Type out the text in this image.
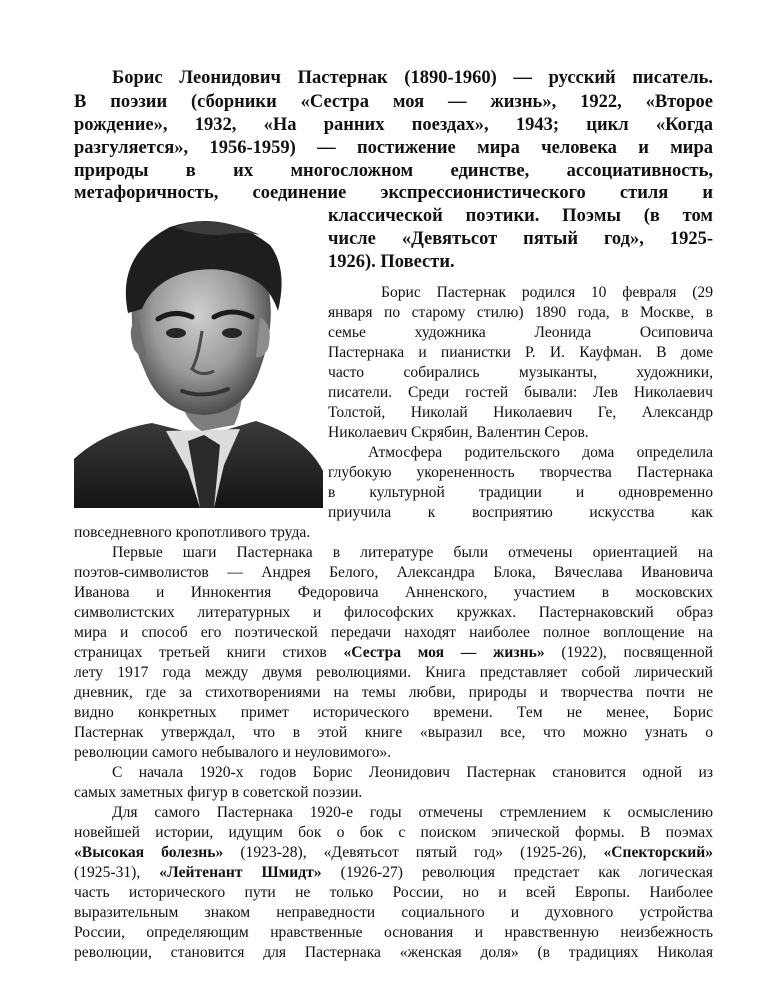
Борис Леонидович Пастернак (1890-1960) — русский писатель.
В поэзии (сборники «Сестра моя — жизнь», 1922, «Второе
рождение», 1932, «На ранних поездах», 1943; цикл «Когда
разгуляется», 1956-1959) — постижение мира человека и мира
природы в их многосложном единстве, ассоциативность,
метафоричность, соединение экспрессионистического стиля и
классической поэтики. Поэмы (в том
числе «Девятьсот пятый год», 1925-
1926). Повести.
Борис Пастернак родился 10 февраля (29
января по старому стилю) 1890 года, в Москве, в
семье художника Леонида Осиповича
Пастернака и пианистки Р. И. Кауфман. В доме
часто собирались музыканты, художники,
писатели. Среди гостей бывали: Лев Николаевич
Толстой, Николай Николаевич Ге, Александр
Николаевич Скрябин, Валентин Серов.
Атмосфера родительского дома определила
глубокую укорененность творчества Пастернака
в культурной традиции и одновременно
приучила к восприятию искусства как
повседневного кропотливого труда.
Первые шаги Пастернака в литературе были отмечены ориентацией на
поэтов-символистов — Андрея Белого, Александра Блока, Вячеслава Ивановича
Иванова и Иннокентия Федоровича Анненского, участием в московских
символистских литературных и философских кружках. Пастернаковский образ
мира и способ его поэтической передачи находят наиболее полное воплощение на
страницах третьей книги стихов «Сестра моя — жизнь» (1922), посвященной
лету 1917 года между двумя революциями. Книга представляет собой лирический
дневник, где за стихотворениями на темы любви, природы и творчества почти не
видно конкретных примет исторического времени. Тем не менее, Борис
Пастернак утверждал, что в этой книге «выразил все, что можно узнать о
революции самого небывалого и неуловимого».
С начала 1920-х годов Борис Леонидович Пастернак становится одной из
самых заметных фигур в советской поэзии.
Для самого Пастернака 1920-е годы отмечены стремлением к осмыслению
новейшей истории, идущим бок о бок с поиском эпической формы. В поэмах
«Высокая болезнь» (1923-28), «Девятьсот пятый год» (1925-26), «Спекторский»
(1925-31), «Лейтенант Шмидт» (1926-27) революция предстает как логическая
часть исторического пути не только России, но и всей Европы. Наиболее
выразительным знаком неправедности социального и духовного устройства
России, определяющим нравственные основания и нравственную неизбежность
революции, становится для Пастернака «женская доля» (в традициях Николая
